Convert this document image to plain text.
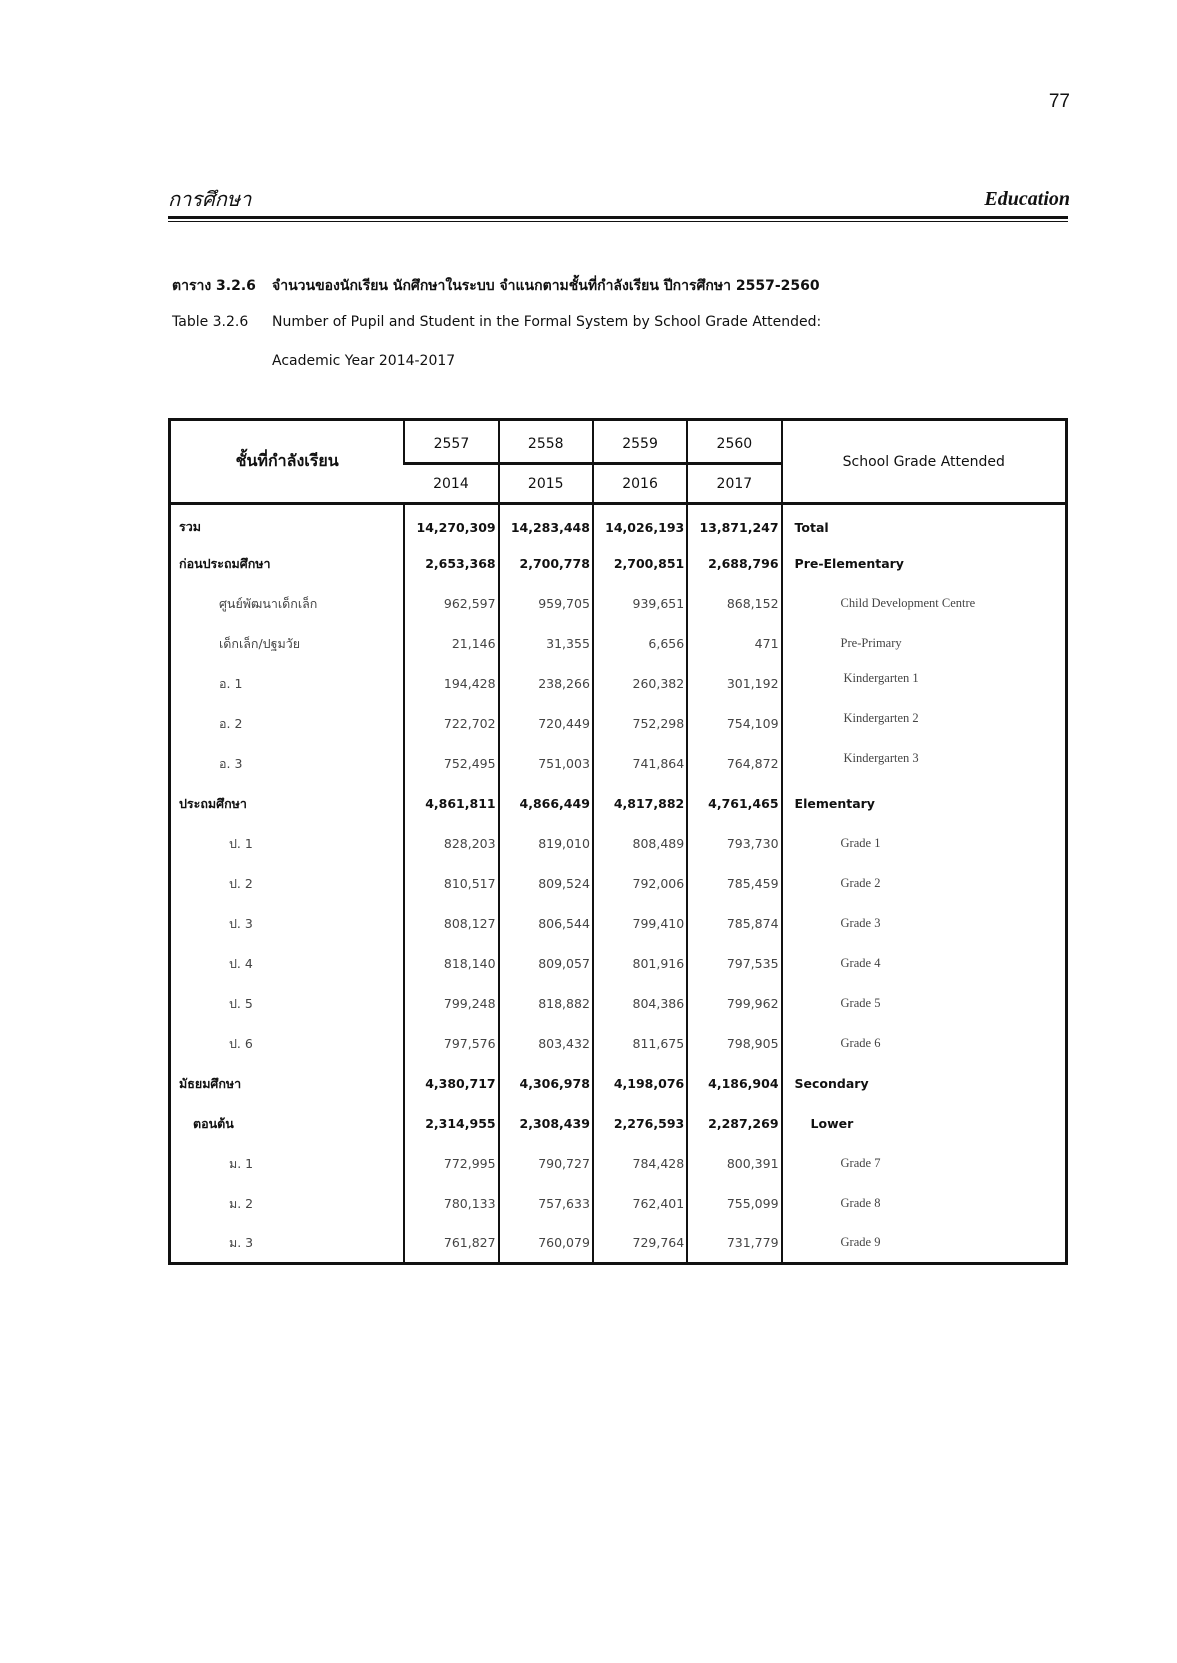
77
การศึกษา	Education
ตาราง 3.2.6 จำนวนของนักเรียน นักศึกษาในระบบ จำแนกตามชั้นที่กำลังเรียน ปีการศึกษา 2557-2560
Table 3.2.6 Number of Pupil and Student in the Formal System by School Grade Attended:
Academic Year 2014-2017
ชั้นที่กำลังเรียน	2557	2558	2559	2560	School Grade Attended
	2014	2015	2016	2017	
รวม	14,270,309	14,283,448	14,026,193	13,871,247	Total
ก่อนประถมศึกษา	2,653,368	2,700,778	2,700,851	2,688,796	Pre-Elementary
ศูนย์พัฒนาเด็กเล็ก	962,597	959,705	939,651	868,152	Child Development Centre
เด็กเล็ก/ปฐมวัย	21,146	31,355	6,656	471	Pre-Primary
อ. 1	194,428	238,266	260,382	301,192	Kindergarten 1
อ. 2	722,702	720,449	752,298	754,109	Kindergarten 2
อ. 3	752,495	751,003	741,864	764,872	Kindergarten 3
ประถมศึกษา	4,861,811	4,866,449	4,817,882	4,761,465	Elementary
ป. 1	828,203	819,010	808,489	793,730	Grade 1
ป. 2	810,517	809,524	792,006	785,459	Grade 2
ป. 3	808,127	806,544	799,410	785,874	Grade 3
ป. 4	818,140	809,057	801,916	797,535	Grade 4
ป. 5	799,248	818,882	804,386	799,962	Grade 5
ป. 6	797,576	803,432	811,675	798,905	Grade 6
มัธยมศึกษา	4,380,717	4,306,978	4,198,076	4,186,904	Secondary
ตอนต้น	2,314,955	2,308,439	2,276,593	2,287,269	Lower
ม. 1	772,995	790,727	784,428	800,391	Grade 7
ม. 2	780,133	757,633	762,401	755,099	Grade 8
ม. 3	761,827	760,079	729,764	731,779	Grade 9
